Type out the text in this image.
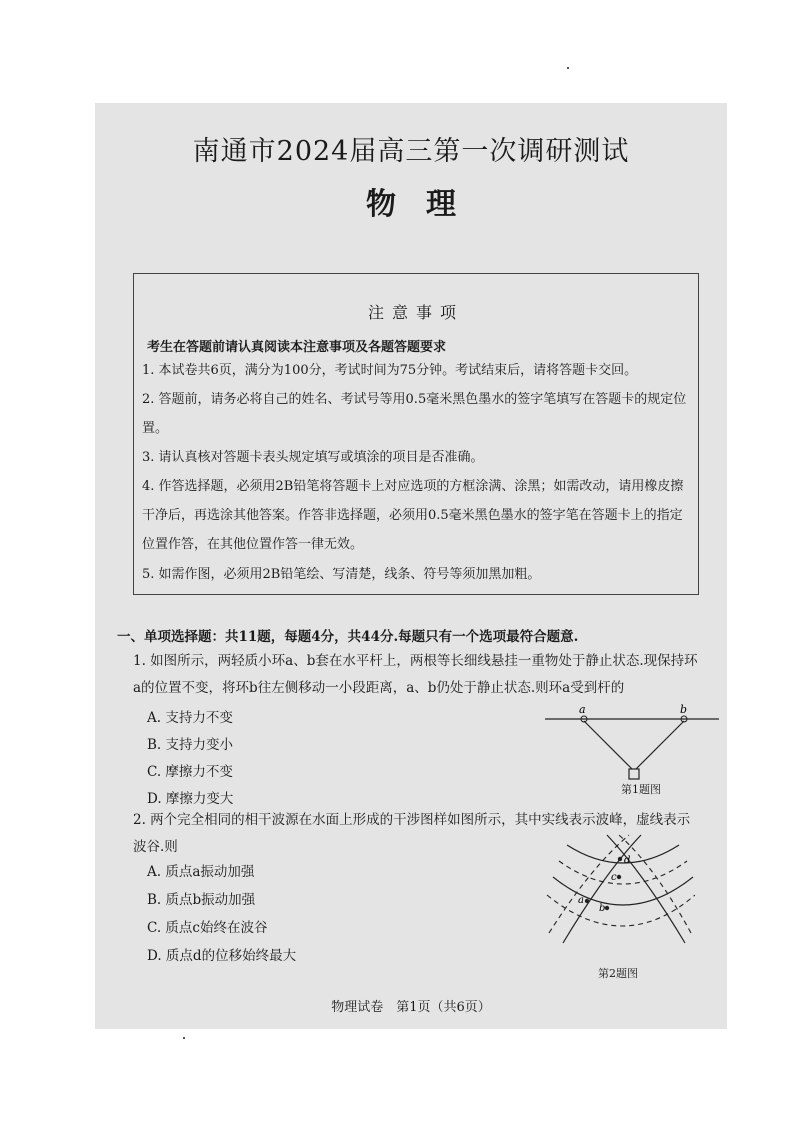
南通市2024届高三第一次调研测试
物　理
注意事项
考生在答题前请认真阅读本注意事项及各题答题要求
1. 本试卷共6页，满分为100分，考试时间为75分钟。考试结束后，请将答题卡交回。
2. 答题前，请务必将自己的姓名、考试号等用0.5毫米黑色墨水的签字笔填写在答题卡的规定位置。
3. 请认真核对答题卡表头规定填写或填涂的项目是否准确。
4. 作答选择题，必须用2B铅笔将答题卡上对应选项的方框涂满、涂黑；如需改动，请用橡皮擦干净后，再选涂其他答案。作答非选择题，必须用0.5毫米黑色墨水的签字笔在答题卡上的指定位置作答，在其他位置作答一律无效。
5. 如需作图，必须用2B铅笔绘、写清楚，线条、符号等须加黑加粗。
一、单项选择题：共11题，每题4分，共44分.每题只有一个选项最符合题意.
1. 如图所示，两轻质小环a、b套在水平杆上，两根等长细线悬挂一重物处于静止状态.现保持环a的位置不变，将环b往左侧移动一小段距离，a、b仍处于静止状态.则环a受到杆的
A. 支持力不变
B. 支持力变小
C. 摩擦力不变
D. 摩擦力变大
a	b
第1题图
2. 两个完全相同的相干波源在水面上形成的干涉图样如图所示，其中实线表示波峰，虚线表示波谷.则
A. 质点a振动加强
B. 质点b振动加强
C. 质点c始终在波谷
D. 质点d的位移始终最大
a
b
c
d
第2题图
物理试卷　第1页（共6页）
